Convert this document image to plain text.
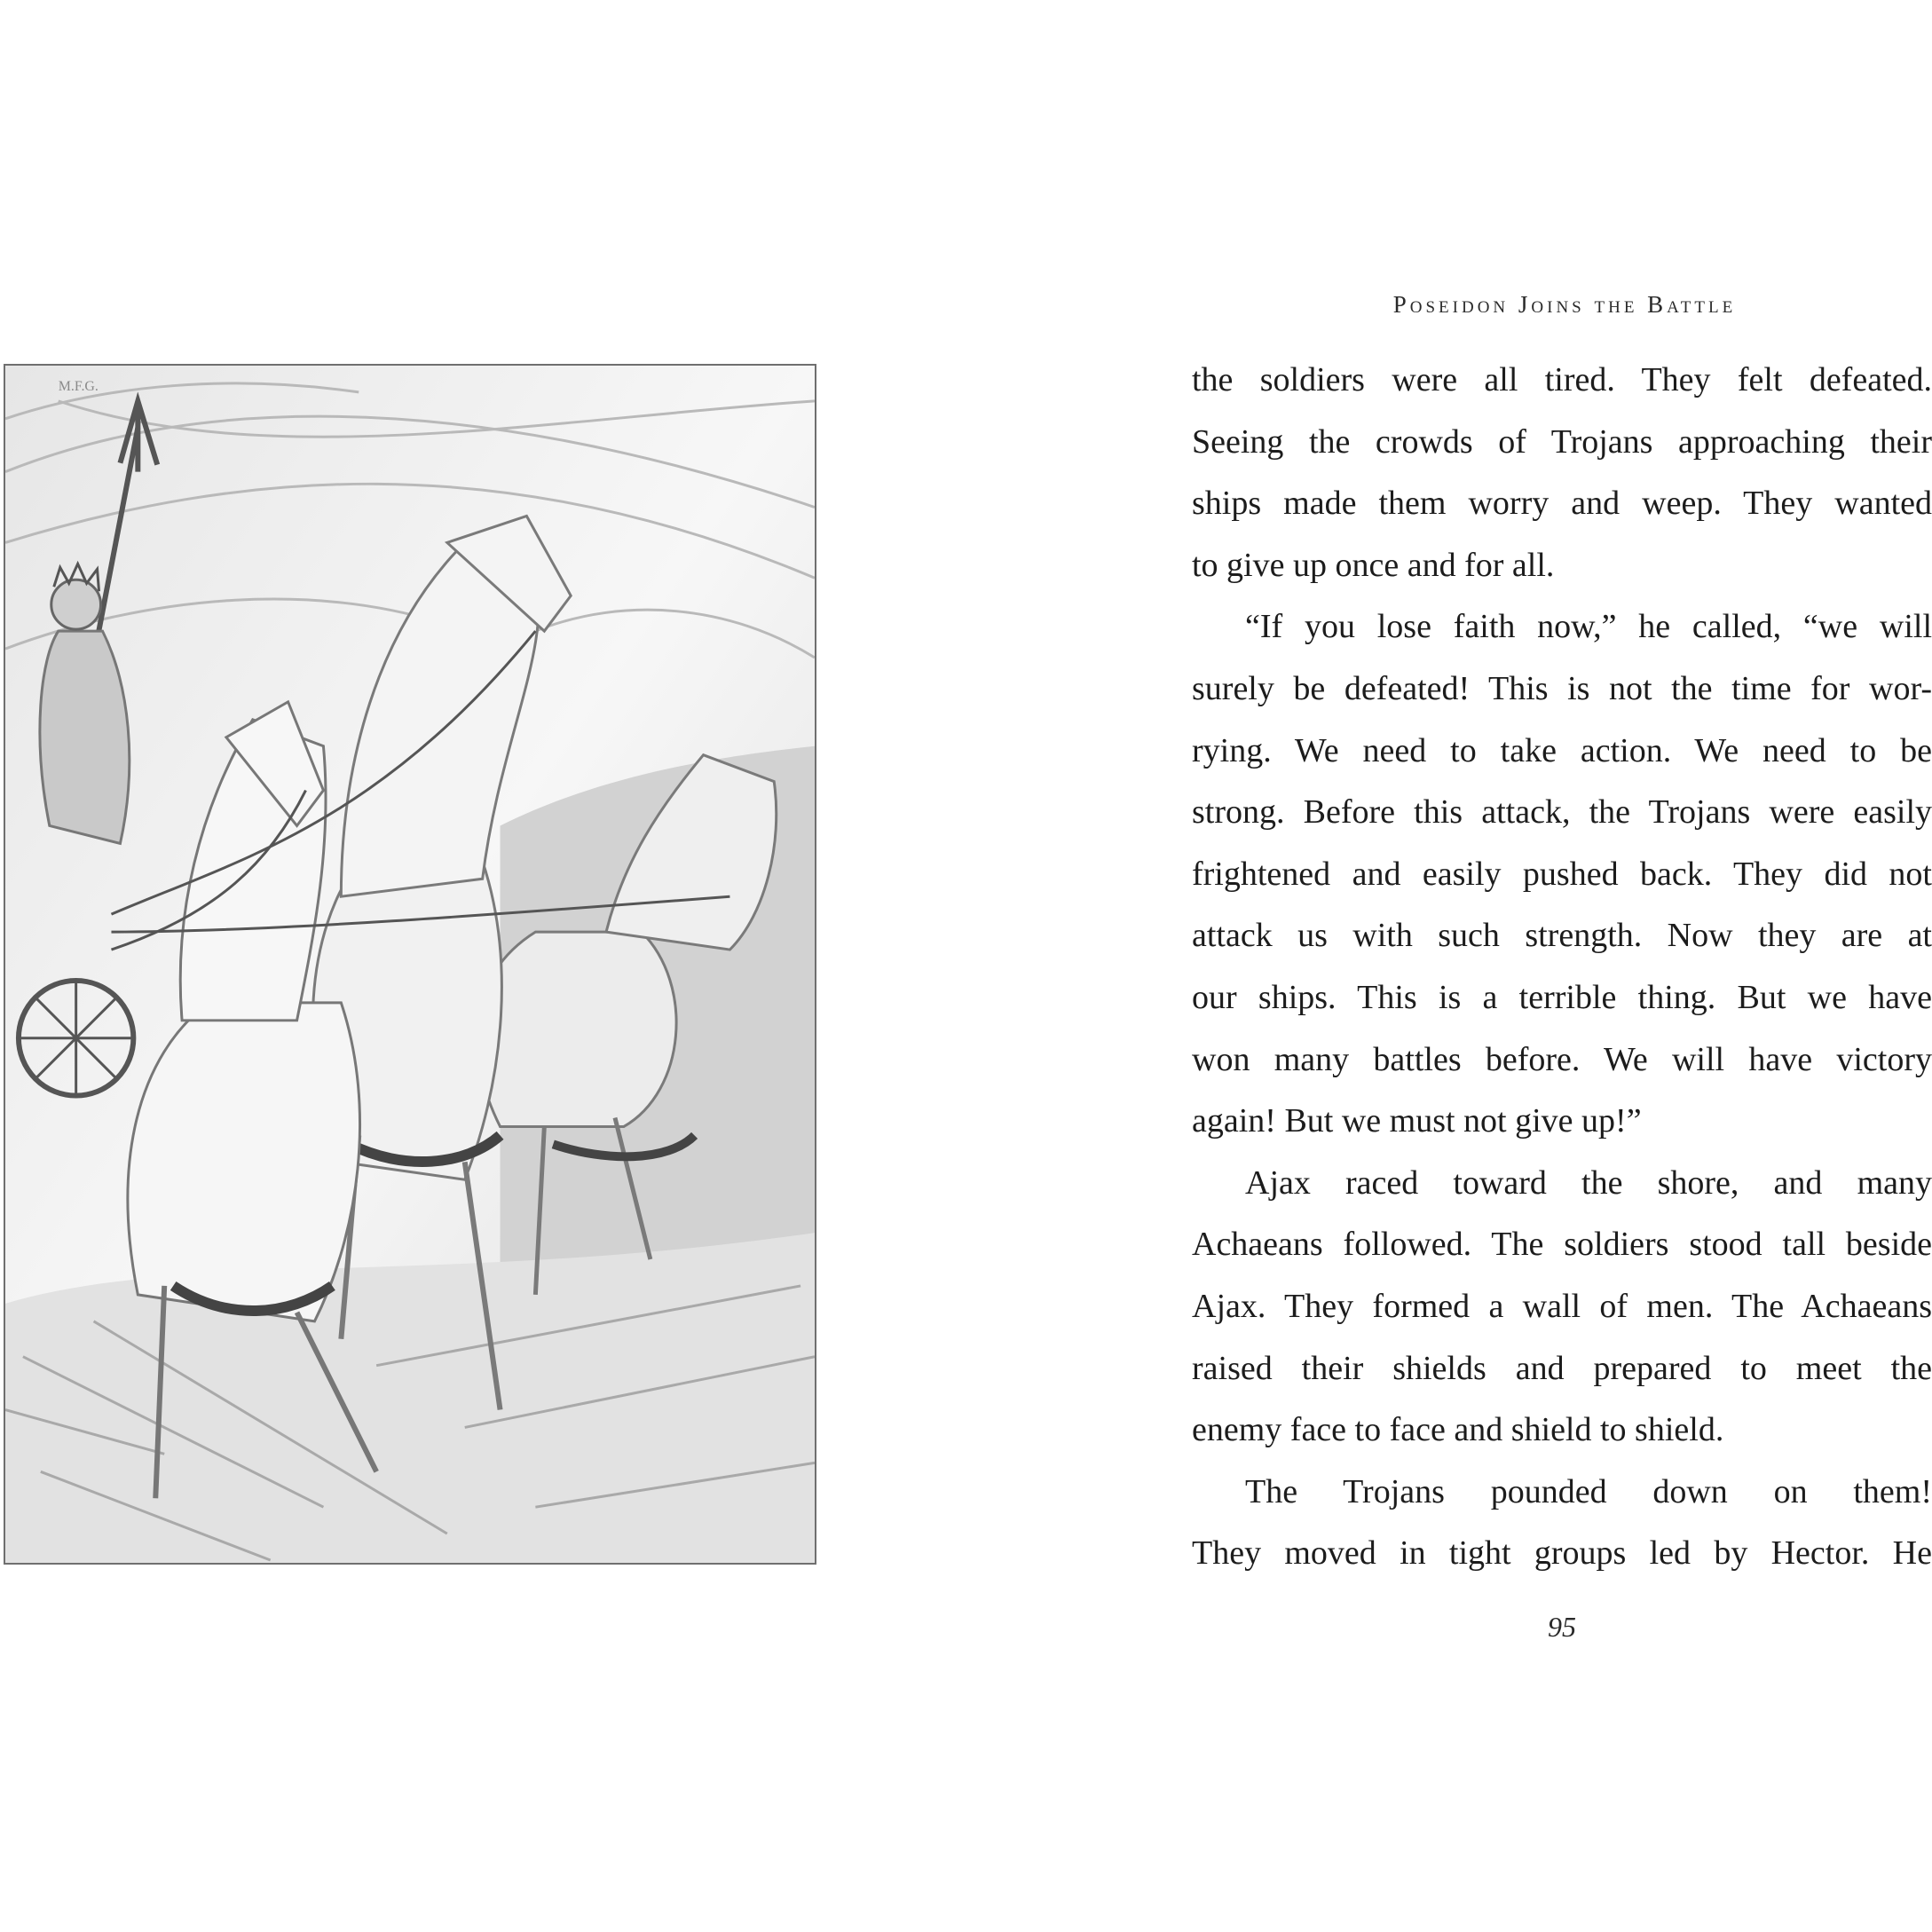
M.F.G.
Poseidon Joins the Battle
the soldiers were all tired. They felt defeated.
Seeing the crowds of Trojans approaching their
ships made them worry and weep. They wanted
to give up once and for all.
“If you lose faith now,” he called, “we will
surely be defeated! This is not the time for wor-
rying. We need to take action. We need to be
strong. Before this attack, the Trojans were easily
frightened and easily pushed back. They did not
attack us with such strength. Now they are at
our ships. This is a terrible thing. But we have
won many battles before. We will have victory
again! But we must not give up!”
Ajax raced toward the shore, and many
Achaeans followed. The soldiers stood tall beside
Ajax. They formed a wall of men. The Achaeans
raised their shields and prepared to meet the
enemy face to face and shield to shield.
The Trojans pounded down on them!
They moved in tight groups led by Hector. He
95
